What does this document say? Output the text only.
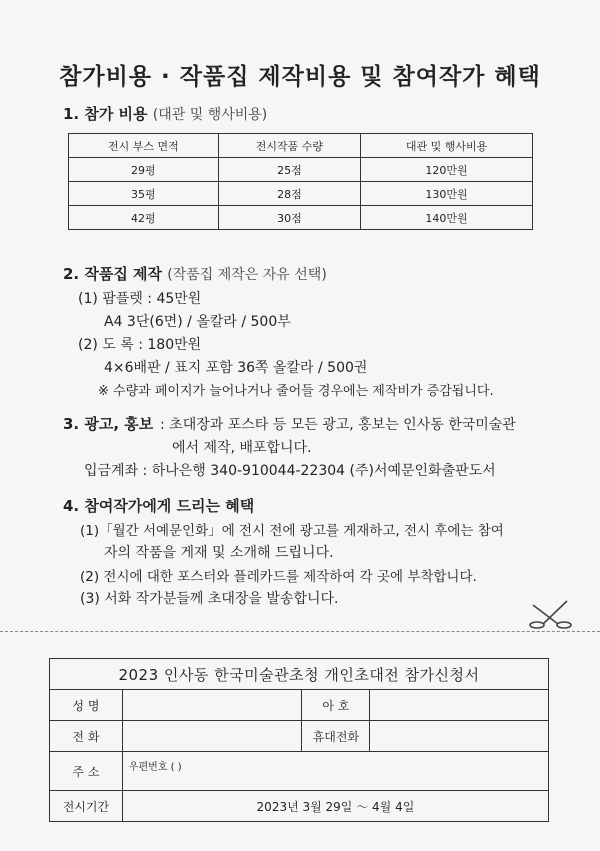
참가비용 · 작품집 제작비용 및 참여작가 혜택
1. 참가 비용 (대관 및 행사비용)
전시 부스 면적	전시작품 수량	대관 및 행사비용
29평	25점	120만원
35평	28점	130만원
42평	30점	140만원
2. 작품집 제작 (작품집 제작은 자유 선택)
(1) 팜플렛 : 45만원
A4 3단(6면) / 올칼라 / 500부
(2) 도 록 : 180만원
4×6배판 / 표지 포함 36쪽 올칼라 / 500권
※ 수량과 페이지가 늘어나거나 줄어들 경우에는 제작비가 증감됩니다.
3. 광고, 홍보 : 초대장과 포스타 등 모든 광고, 홍보는 인사동 한국미술관
에서 제작, 배포합니다.
입금계좌 : 하나은행 340-910044-22304 (주)서예문인화출판도서
4. 참여작가에게 드리는 혜택
(1)「월간 서예문인화」에 전시 전에 광고를 게재하고, 전시 후에는 참여
자의 작품을 게재 및 소개해 드립니다.
(2) 전시에 대한 포스터와 플레카드를 제작하여 각 곳에 부착합니다.
(3) 서화 작가분들께 초대장을 발송합니다.
2023 인사동 한국미술관초청 개인초대전 참가신청서			
성 명		아 호	
전 화		휴대전화	
주 소	우편번호 ( )		
전시기간	2023년 3월 29일 ～ 4월 4일		
